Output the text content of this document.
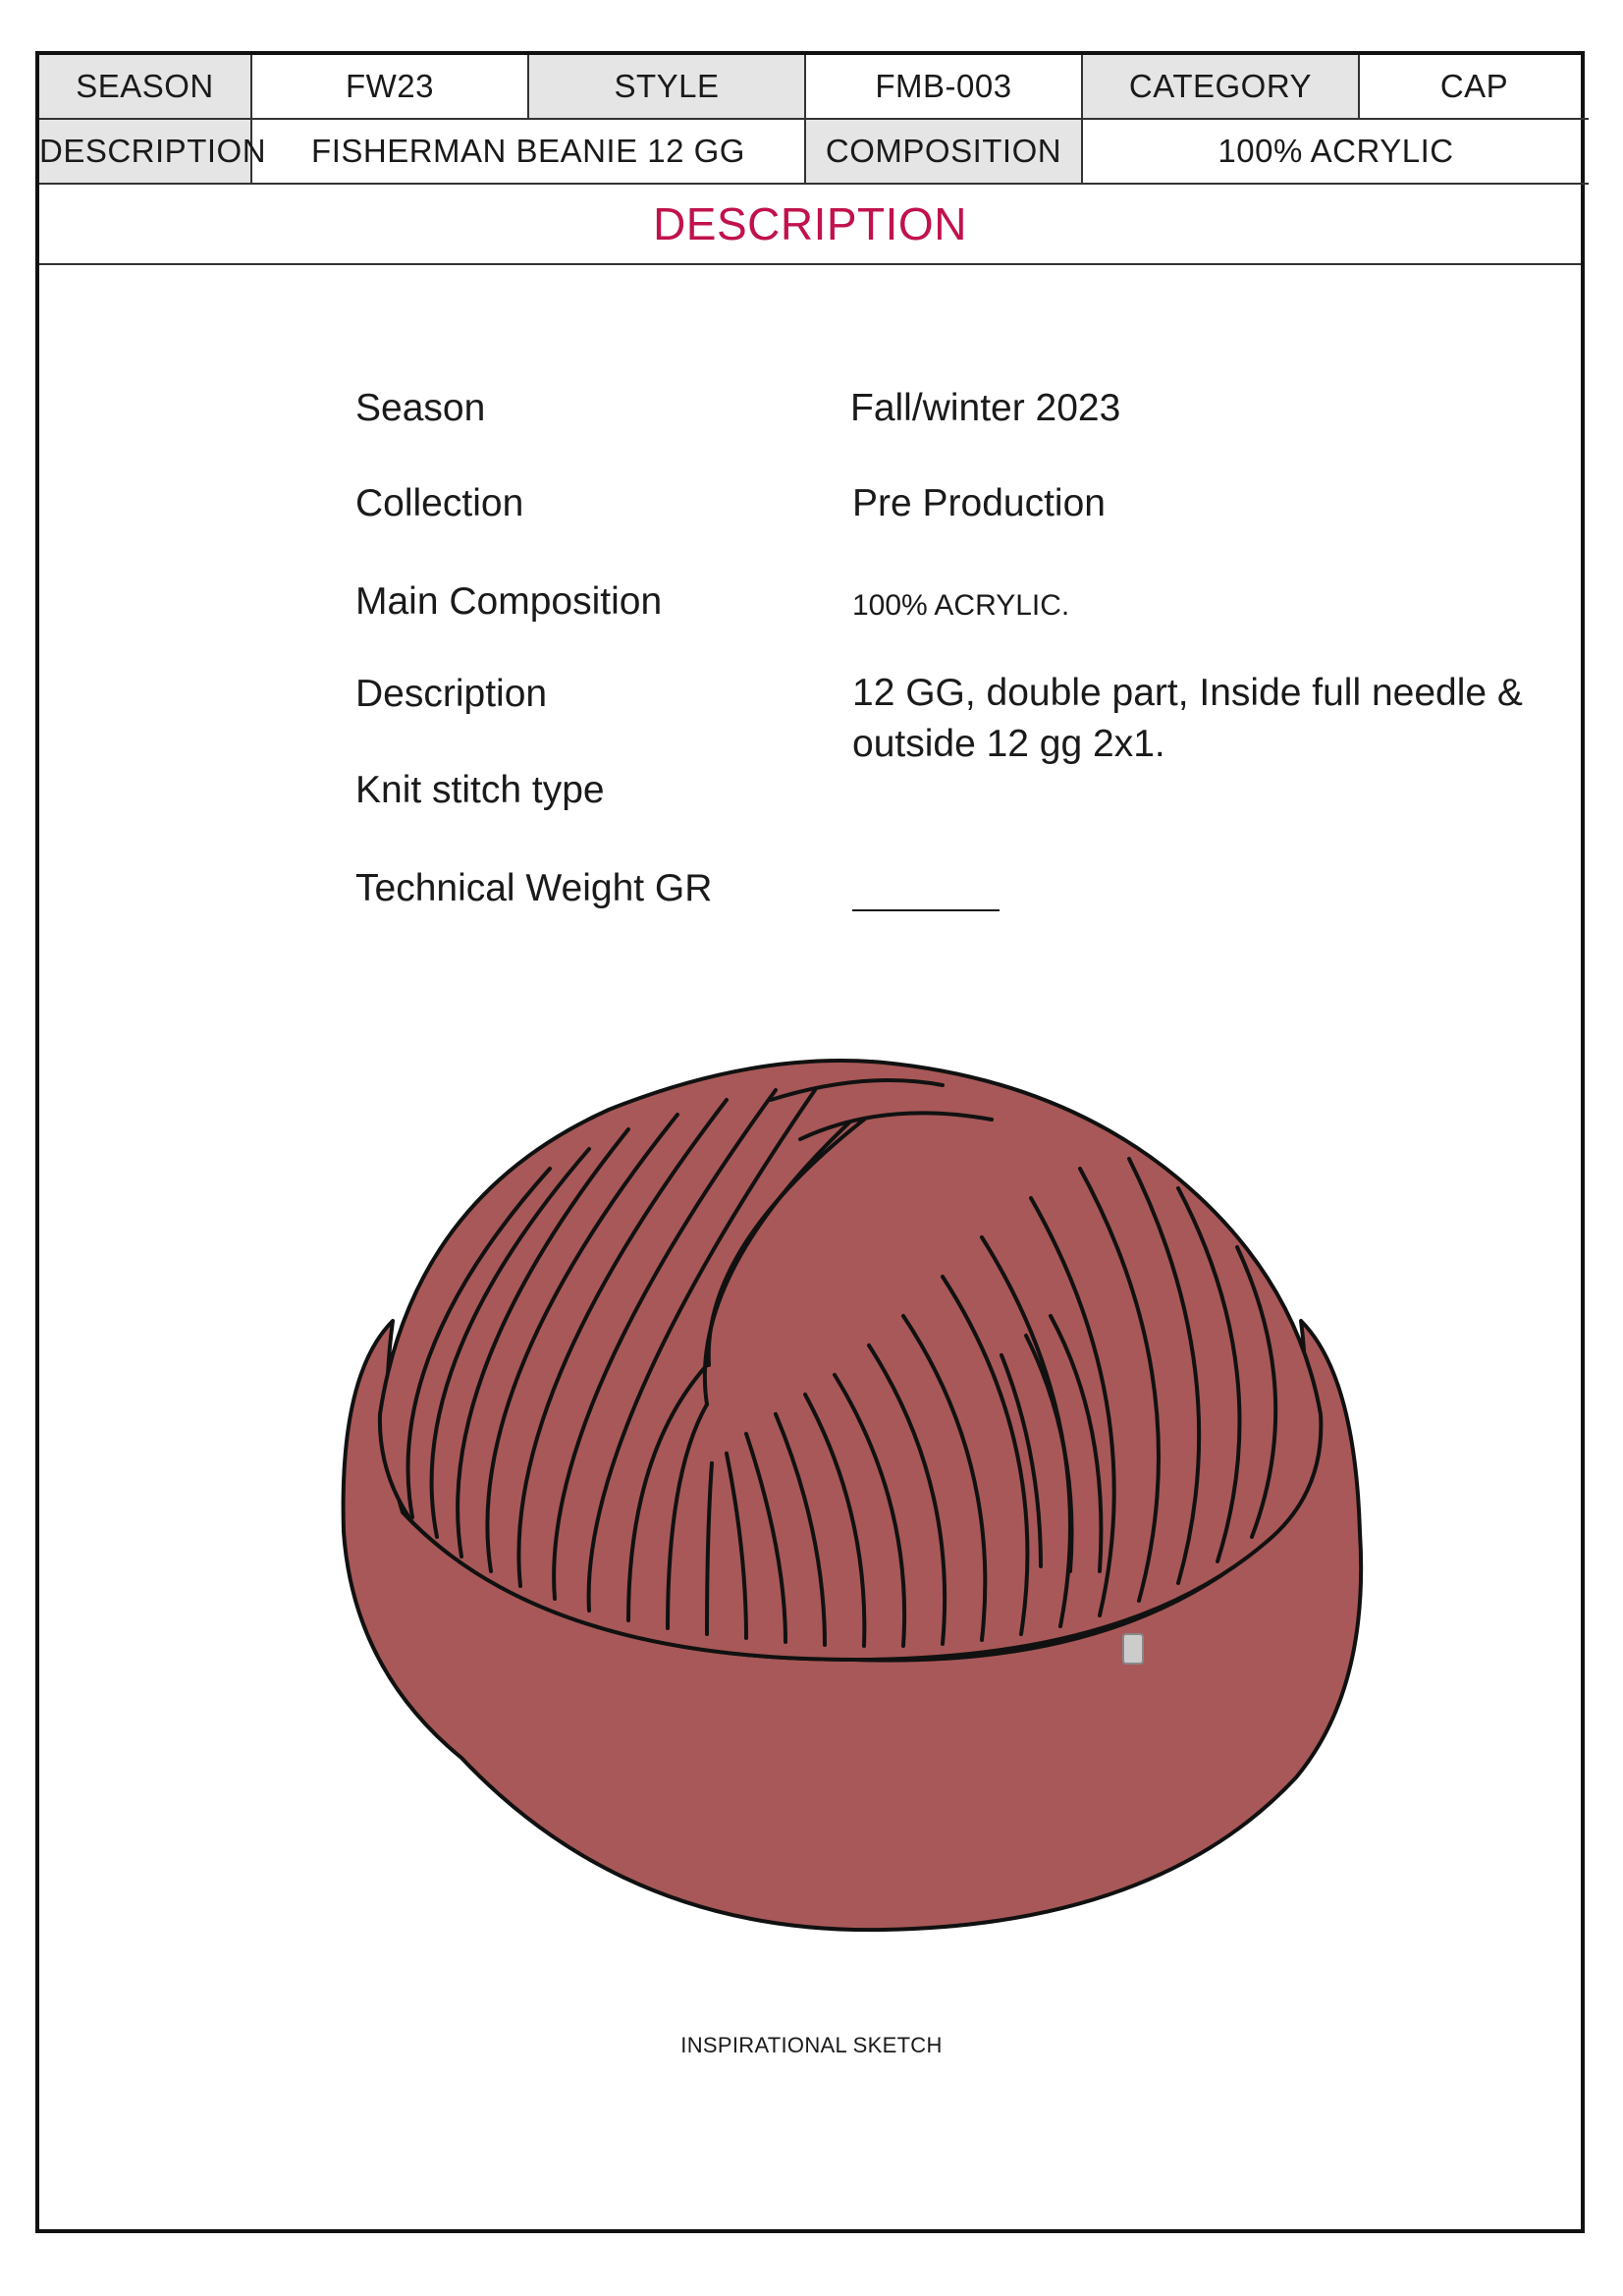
SEASON	FW23	STYLE	FMB-003	CATEGORY	CAP
DESCRIPTION	FISHERMAN BEANIE 12 GG		COMPOSITION	100% ACRYLIC	
DESCRIPTION
Season	Fall/winter 2023
Collection	Pre Production
Main Composition	100% ACRYLIC.
Description	12 GG, double part, Inside full needle & outside 12 gg 2x1.
Knit stitch type
Technical Weight GR
INSPIRATIONAL SKETCH
